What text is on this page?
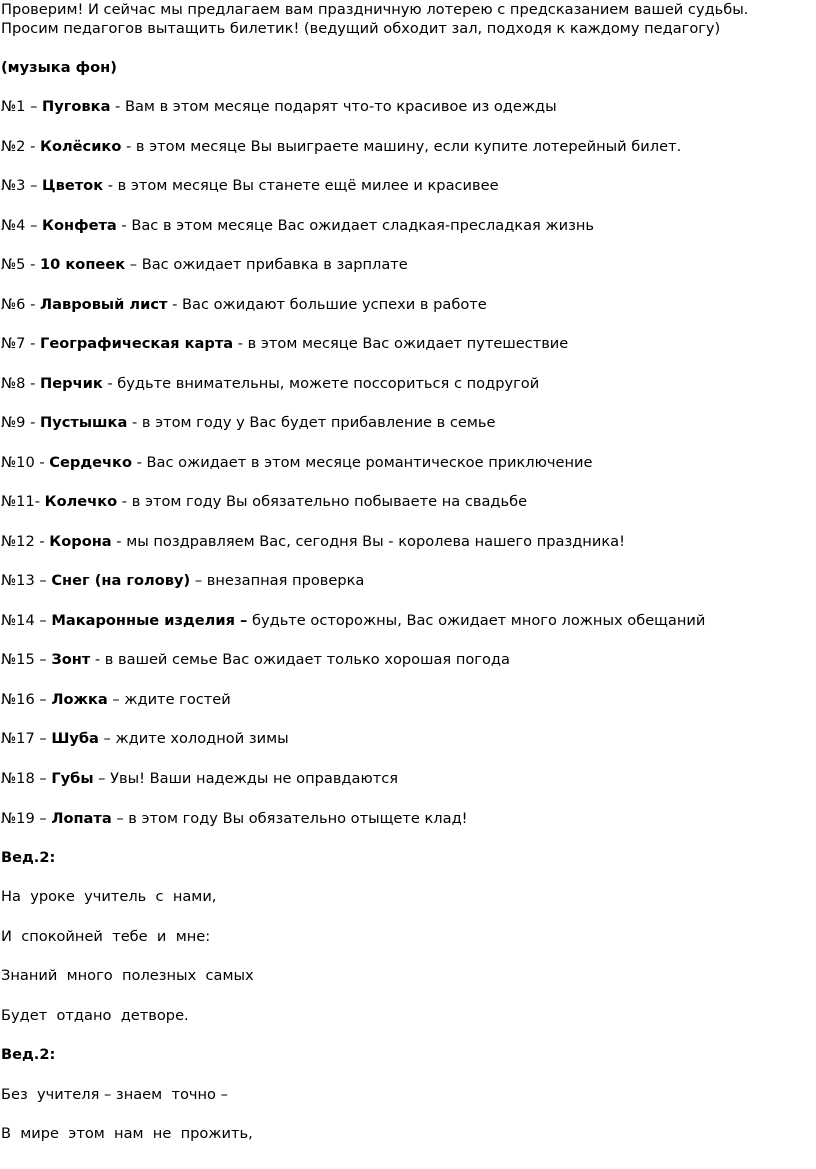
Проверим! И сейчас мы предлагаем вам праздничную лотерею с предсказанием вашей судьбы.
Просим педагогов вытащить билетик! (ведущий обходит зал, подходя к каждому педагогу)
(музыка фон)
№1 – Пуговка - Вам в этом месяце подарят что-то красивое из одежды
№2 - Колёсико - в этом месяце Вы выиграете машину, если купите лотерейный билет.
№3 – Цветок - в этом месяце Вы станете ещё милее и красивее
№4 – Конфета - Вас в этом месяце Вас ожидает сладкая-пресладкая жизнь
№5 - 10 копеек – Вас ожидает прибавка в зарплате
№6 - Лавровый лист - Вас ожидают большие успехи в работе
№7 - Географическая карта - в этом месяце Вас ожидает путешествие
№8 - Перчик - будьте внимательны, можете поссориться с подругой
№9 - Пустышка - в этом году у Вас будет прибавление в семье
№10 - Сердечко - Вас ожидает в этом месяце романтическое приключение
№11- Колечко - в этом году Вы обязательно побываете на свадьбе
№12 - Корона - мы поздравляем Вас, сегодня Вы - королева нашего праздника!
№13 – Снег (на голову) – внезапная проверка
№14 – Макаронные изделия – будьте осторожны, Вас ожидает много ложных обещаний
№15 – Зонт - в вашей семье Вас ожидает только хорошая погода
№16 – Ложка – ждите гостей
№17 – Шуба – ждите холодной зимы
№18 – Губы – Увы! Ваши надежды не оправдаются
№19 – Лопата – в этом году Вы обязательно отыщете клад!
Вед.2:
На  уроке  учитель  с  нами,
И  спокойней  тебе  и  мне:
Знаний  много  полезных  самых
Будет  отдано  детворе.
Вед.2:
Без  учителя – знаем  точно –
В  мире  этом  нам  не  прожить,
